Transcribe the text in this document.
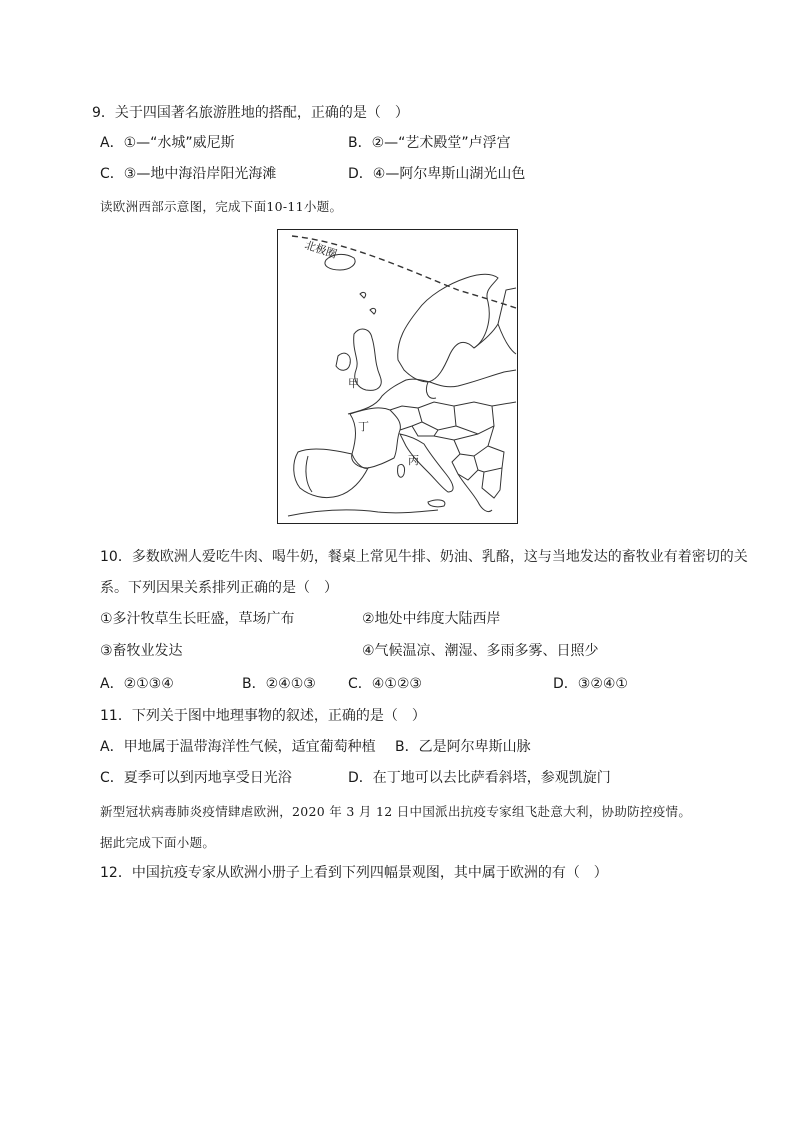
9．关于四国著名旅游胜地的搭配，正确的是（　）
A．①—“水城”威尼斯	B．②—“艺术殿堂”卢浮宫
C．③—地中海沿岸阳光海滩	D．④—阿尔卑斯山湖光山色
读欧洲西部示意图，完成下面10-11小题。
北极圈
甲
丁
丙
10．多数欧洲人爱吃牛肉、喝牛奶，餐桌上常见牛排、奶油、乳酪，这与当地发达的畜牧业有着密切的关
系。下列因果关系排列正确的是（　）
①多汁牧草生长旺盛，草场广布	②地处中纬度大陆西岸
③畜牧业发达	④气候温凉、潮湿、多雨多雾、日照少
A．②①③④	B．②④①③ C．④①②③	D．③②④①
11．下列关于图中地理事物的叙述，正确的是（　）
A．甲地属于温带海洋性气候，适宜葡萄种植 B．乙是阿尔卑斯山脉
C．夏季可以到丙地享受日光浴	D．在丁地可以去比萨看斜塔，参观凯旋门
新型冠状病毒肺炎疫情肆虐欧洲，2020 年 3 月 12 日中国派出抗疫专家组飞赴意大利，协助防控疫情。
据此完成下面小题。
12．中国抗疫专家从欧洲小册子上看到下列四幅景观图，其中属于欧洲的有（　）
